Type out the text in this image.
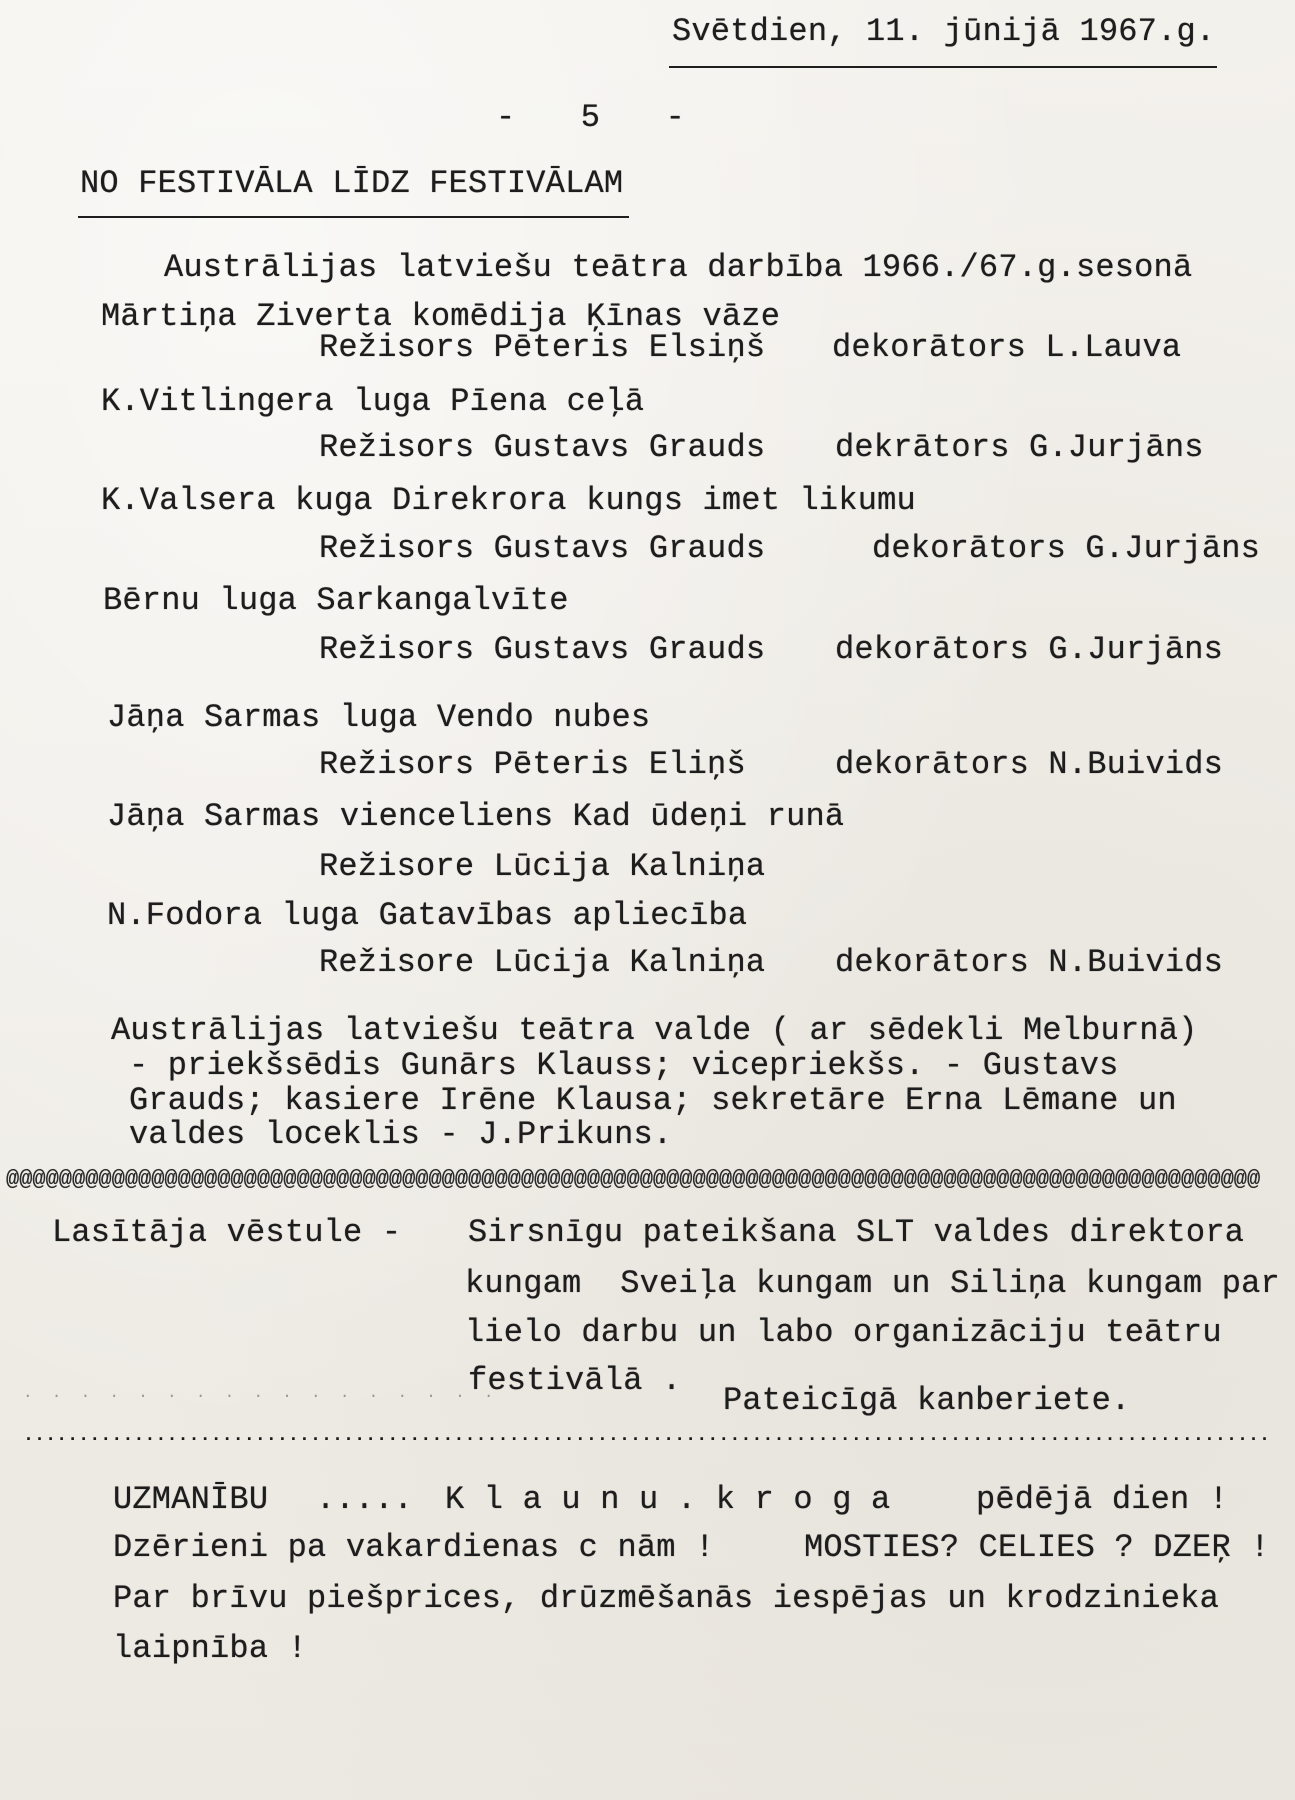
Svētdien, 11. jūnijā 1967.g.
- 5 -
NO FESTIVĀLA LĪDZ FESTIVĀLAM
Austrālijas latviešu teātra darbība 1966./67.g.sesonā
Mārtiņa Ziverta komēdija Ķīnas vāze
Režisors Pēteris Elsiņš dekorātors L.Lauva
K.Vitlingera luga Pīena ceļā
Režisors Gustavs Grauds dekrātors G.Jurjāns
K.Valsera kuga Direkrora kungs imet likumu
Režisors Gustavs Grauds	dekorātors G.Jurjāns
Bērnu luga Sarkangalvīte
Režisors Gustavs Grauds dekorātors G.Jurjāns
Jāņa Sarmas luga Vendo nubes
Režisors Pēteris Eliņš	dekorātors N.Buivids
Jāņa Sarmas vienceliens Kad ūdeņi runā
Režisore Lūcija Kalniņa
N.Fodora luga Gatavības apliecība
Režisore Lūcija Kalniņa dekorātors N.Buivids
Austrālijas latviešu teātra valde ( ar sēdekli Melburnā)
- priekšsēdis Gunārs Klauss; vicepriekšs. - Gustavs
Grauds; kasiere Irēne Klausa; sekretāre Erna Lēmane un
valdes loceklis - J.Prikuns.
@@@@@@@@@@@@@@@@@@@@@@@@@@@@@@@@@@@@@@@@@@@@@@@@@@@@@@@@@@@@@@@@@@@@@@@@@@@@@@@@@@@@@@@@@@@@@@@
Lasītāja vēstule - Sirsnīgu pateikšana SLT valdes direktora
kungam  Sveiļa kungam un Siliņa kungam par
lielo darbu un labo organizāciju teātru
.  .  .  .  .  .  .  .  .  .  .  .  .  .  .  .  .
festivālā .
Pateicīgā kanberiete.
.................................................................................................................
UZMANĪBU ..... K l a u n u . k r o g a	pēdējā dien !
Dzērieni pa vakardienas c nām !	MOSTIES? CELIES ? DZEŖ !
Par brīvu piešprices, drūzmēšanās iespējas un krodzinieka
laipnība !
